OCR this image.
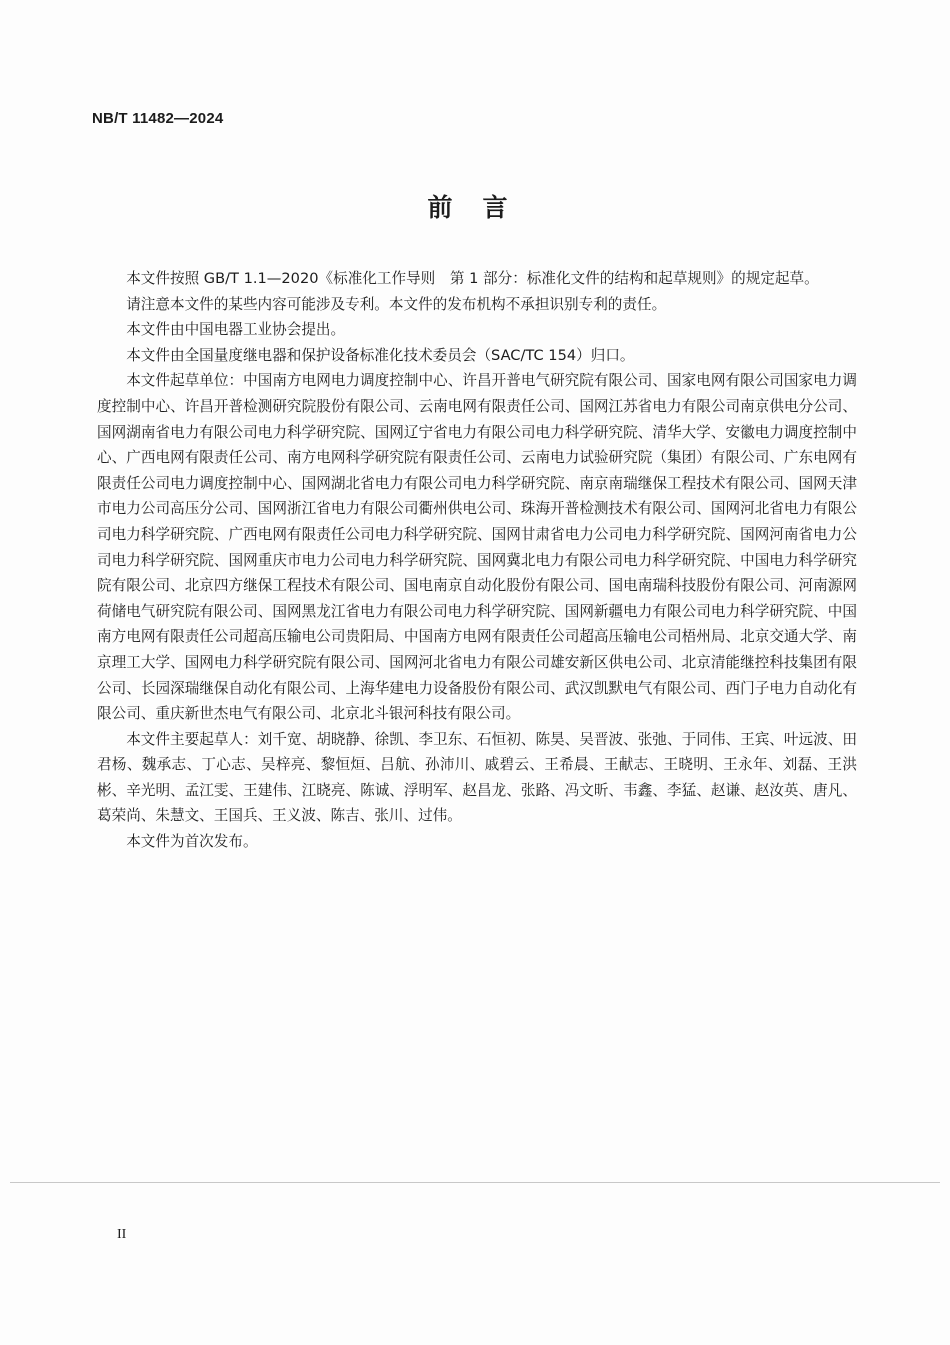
NB/T 11482—2024
前言

本文件按照 GB/T 1.1—2020《标准化工作导则　第 1 部分：标准化文件的结构和起草规则》的规定起草。

请注意本文件的某些内容可能涉及专利。本文件的发布机构不承担识别专利的责任。

本文件由中国电器工业协会提出。

本文件由全国量度继电器和保护设备标准化技术委员会（SAC/TC 154）归口。

本文件起草单位：中国南方电网电力调度控制中心、许昌开普电气研究院有限公司、国家电网有限公司国家电力调度控制中心、许昌开普检测研究院股份有限公司、云南电网有限责任公司、国网江苏省电力有限公司南京供电分公司、国网湖南省电力有限公司电力科学研究院、国网辽宁省电力有限公司电力科学研究院、清华大学、安徽电力调度控制中心、广西电网有限责任公司、南方电网科学研究院有限责任公司、云南电力试验研究院（集团）有限公司、广东电网有限责任公司电力调度控制中心、国网湖北省电力有限公司电力科学研究院、南京南瑞继保工程技术有限公司、国网天津市电力公司高压分公司、国网浙江省电力有限公司衢州供电公司、珠海开普检测技术有限公司、国网河北省电力有限公司电力科学研究院、广西电网有限责任公司电力科学研究院、国网甘肃省电力公司电力科学研究院、国网河南省电力公司电力科学研究院、国网重庆市电力公司电力科学研究院、国网冀北电力有限公司电力科学研究院、中国电力科学研究院有限公司、北京四方继保工程技术有限公司、国电南京自动化股份有限公司、国电南瑞科技股份有限公司、河南源网荷储电气研究院有限公司、国网黑龙江省电力有限公司电力科学研究院、国网新疆电力有限公司电力科学研究院、中国南方电网有限责任公司超高压输电公司贵阳局、中国南方电网有限责任公司超高压输电公司梧州局、北京交通大学、南京理工大学、国网电力科学研究院有限公司、国网河北省电力有限公司雄安新区供电公司、北京清能继控科技集团有限公司、长园深瑞继保自动化有限公司、上海华建电力设备股份有限公司、武汉凯默电气有限公司、西门子电力自动化有限公司、重庆新世杰电气有限公司、北京北斗银河科技有限公司。

本文件主要起草人：刘千宽、胡晓静、徐凯、李卫东、石恒初、陈昊、吴晋波、张弛、于同伟、王宾、叶远波、田君杨、魏承志、丁心志、吴梓亮、黎恒烜、吕航、孙沛川、戚碧云、王希晨、王献志、王晓明、王永年、刘磊、王洪彬、辛光明、孟江雯、王建伟、江晓亮、陈诚、浮明军、赵昌龙、张路、冯文昕、韦鑫、李猛、赵谦、赵汝英、唐凡、葛荣尚、朱慧文、王国兵、王义波、陈吉、张川、过伟。

本文件为首次发布。

II
